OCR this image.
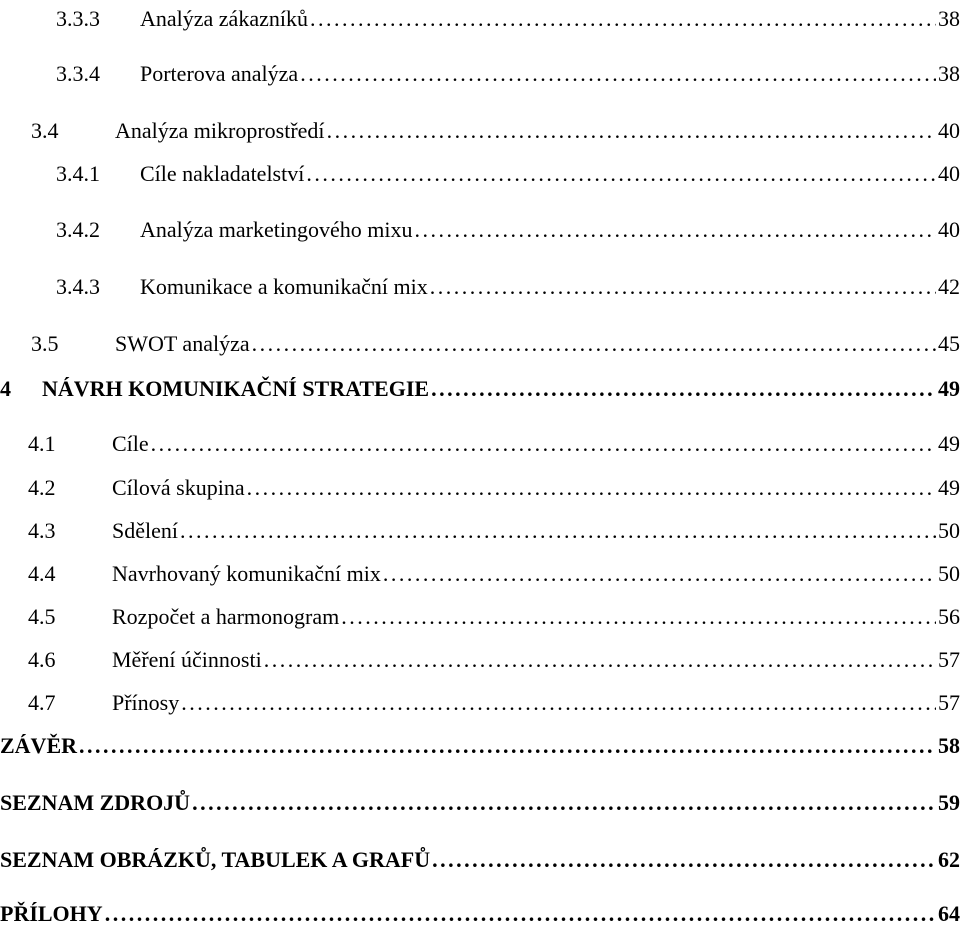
3.3.3	Analýza zákazníků . . .	38
3.3.4	Porterova analýza . . .	38
3.4	Analýza mikroprostředí . . .	40
3.4.1	Cíle nakladatelství . . .	40
3.4.2	Analýza marketingového mixu . . .	40
3.4.3	Komunikace a komunikační mix . . .	42
3.5	SWOT analýza . . .	45
4	NÁVRH KOMUNIKAČNÍ STRATEGIE . . .	49
4.1	Cíle . . .	49
4.2	Cílová skupina . . .	49
4.3	Sdělení . . .	50
4.4	Navrhovaný komunikační mix . . .	50
4.5	Rozpočet a harmonogram . . .	56
4.6	Měření účinnosti . . .	57
4.7	Přínosy . . .	57
ZÁVĚR . . .	58
SEZNAM ZDROJŮ . . .	59
SEZNAM OBRÁZKŮ, TABULEK A GRAFŮ . . .	62
PŘÍLOHY . . .	64
